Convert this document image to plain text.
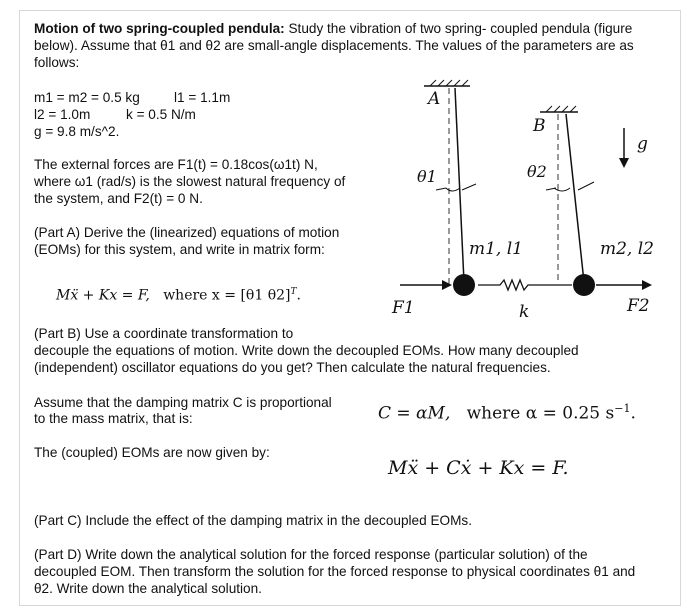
Motion of two spring-coupled pendula: Study the vibration of two spring- coupled pendula (figure
below). Assume that θ1 and θ2 are small-angle displacements. The values of the parameters are as
follows:
m1 = m2 = 0.5 kg	l1 = 1.1m
l2 = 1.0m	k = 0.5 N/m
g = 9.8 m/s^2.
The external forces are F1(t) = 0.18cos(ω1t) N,
where ω1 (rad/s) is the slowest natural frequency of
the system, and F2(t) = 0 N.
(Part A) Derive the (linearized) equations of motion
(EOMs) for this system, and write in matrix form:
Mẍ + Kx = F, where x = [θ1 θ2]$^T$.
A
B
g
θ1	θ2
m1, l1	m2, l2
F1	F2
k
(Part B) Use a coordinate transformation to
decouple the equations of motion. Write down the decoupled EOMs. How many decoupled
(independent) oscillator equations do you get? Then calculate the natural frequencies.
Assume that the damping matrix C is proportional
to the mass matrix, that is:	C = αM, where α = 0.25 $s^{-1}$.
The (coupled) EOMs are now given by:
Mẍ + Cẋ + Kx = F.
(Part C) Include the effect of the damping matrix in the decoupled EOMs.
(Part D) Write down the analytical solution for the forced response (particular solution) of the
decoupled EOM. Then transform the solution for the forced response to physical coordinates θ1 and
θ2. Write down the analytical solution.
